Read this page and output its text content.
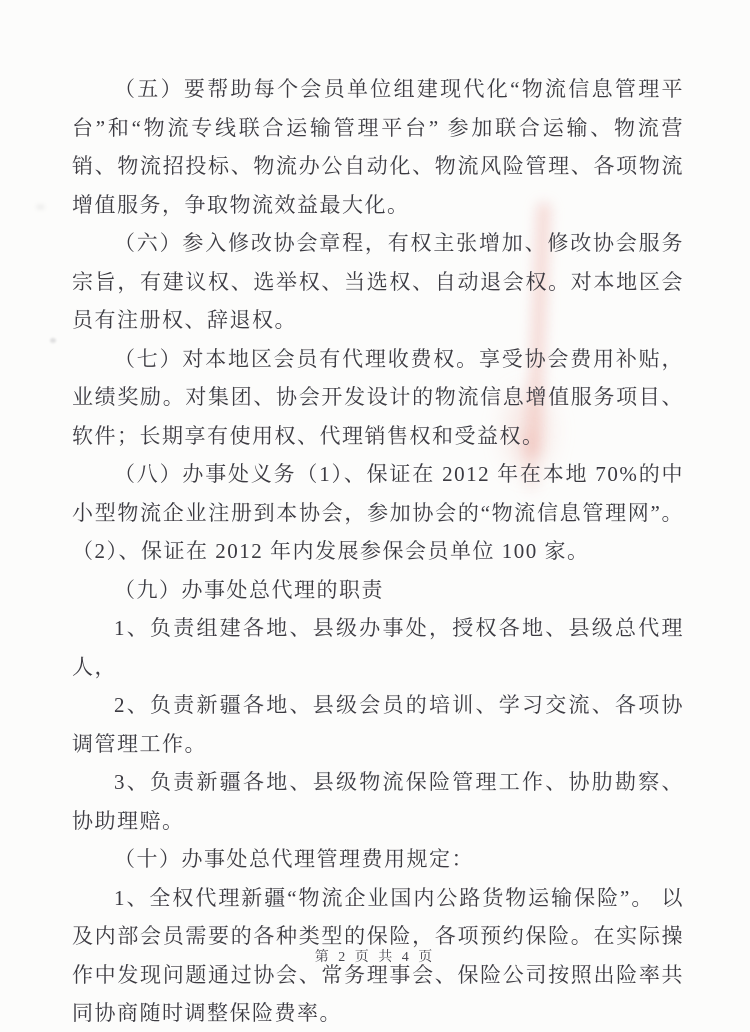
（五）要帮助每个会员单位组建现代化“物流信息管理平台”和“物流专线联合运输管理平台” 参加联合运输、物流营销、物流招投标、物流办公自动化、物流风险管理、各项物流增值服务，争取物流效益最大化。

（六）参入修改协会章程，有权主张增加、修改协会服务宗旨，有建议权、选举权、当选权、自动退会权。对本地区会员有注册权、辞退权。

（七）对本地区会员有代理收费权。享受协会费用补贴，业绩奖励。对集团、协会开发设计的物流信息增值服务项目、软件；长期享有使用权、代理销售权和受益权。

（八）办事处义务（1）、保证在 2012 年在本地 70%的中小型物流企业注册到本协会，参加协会的“物流信息管理网”。（2）、保证在 2012 年内发展参保会员单位 100 家。

（九）办事处总代理的职责

1、负责组建各地、县级办事处，授权各地、县级总代理人，

2、负责新疆各地、县级会员的培训、学习交流、各项协调管理工作。

3、负责新疆各地、县级物流保险管理工作、协肋勘察、协助理赔。

（十）办事处总代理管理费用规定：

1、全权代理新疆“物流企业国内公路货物运输保险”。 以及内部会员需要的各种类型的保险，各项预约保险。在实际操作中发现问题通过协会、常务理事会、保险公司按照出险率共同协商随时调整保险费率。

第 2 页 共 4 页
